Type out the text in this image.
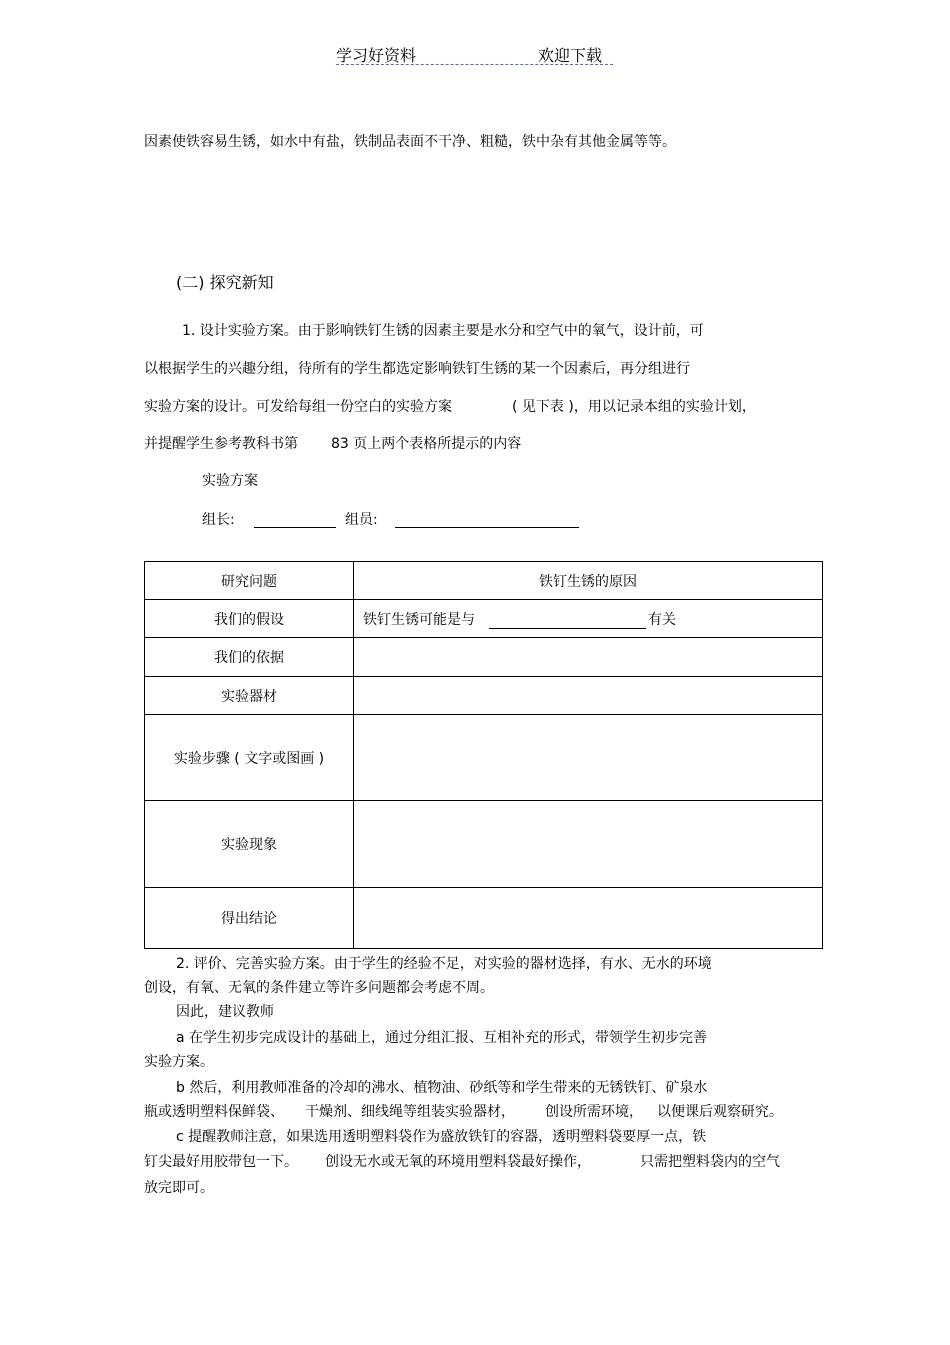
学习好资料	欢迎下载
因素使铁容易生锈，如水中有盐，铁制品表面不干净、粗糙，铁中杂有其他金属等等。
(二) 探究新知
1. 设计实验方案。由于影响铁钉生锈的因素主要是水分和空气中的氧气，设计前，可
以根据学生的兴趣分组，待所有的学生都选定影响铁钉生锈的某一个因素后，再分组进行
实验方案的设计。可发给每组一份空白的实验方案	( 见下表 )，用以记录本组的实验计划，
并提醒学生参考教科书第 83 页上两个表格所提示的内容
实验方案
组长:	组员:
研究问题	铁钉生锈的原因
我们的假设	铁钉生锈可能是与 有关
我们的依据	
实验器材	
实验步骤 ( 文字或图画 )	
实验现象	
得出结论	
2. 评价、完善实验方案。由于学生的经验不足，对实验的器材选择，有水、无水的环境
创设，有氧、无氧的条件建立等许多问题都会考虑不周。
因此，建议教师
a 在学生初步完成设计的基础上，通过分组汇报、互相补充的形式，带领学生初步完善
实验方案。
b 然后，利用教师准备的冷却的沸水、植物油、砂纸等和学生带来的无锈铁钉、矿泉水
瓶或透明塑料保鲜袋、 干燥剂、细线绳等组装实验器材， 创设所需环境， 以便课后观察研究。
c 提醒教师注意，如果选用透明塑料袋作为盛放铁钉的容器，透明塑料袋要厚一点，铁
钉尖最好用胶带包一下。 创设无水或无氧的环境用塑料袋最好操作，	只需把塑料袋内的空气
放完即可。
